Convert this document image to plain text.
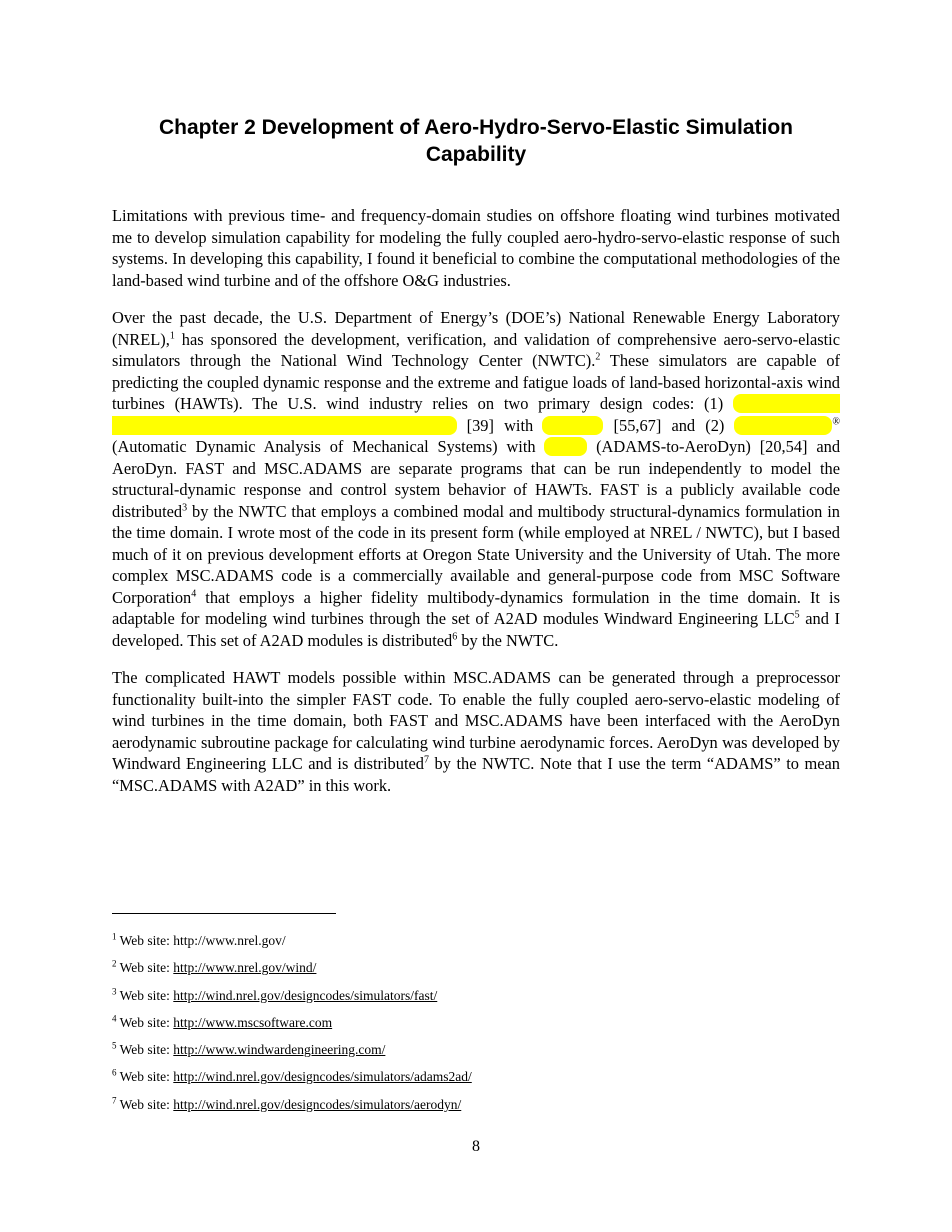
Chapter 2 Development of Aero-Hydro-Servo-Elastic Simulation Capability

Limitations with previous time- and frequency-domain studies on offshore floating wind turbines motivated me to develop simulation capability for modeling the fully coupled aero-hydro-servo-elastic response of such systems. In developing this capability, I found it beneficial to combine the computational methodologies of the land-based wind turbine and of the offshore O&G industries.

Over the past decade, the U.S. Department of Energy’s (DOE’s) National Renewable Energy Laboratory (NREL),$^1$ has sponsored the development, verification, and validation of comprehensive aero-servo-elastic simulators through the National Wind Technology Center (NWTC).$^2$ These simulators are capable of predicting the coupled dynamic response and the extreme and fatigue loads of land-based horizontal-axis wind turbines (HAWTs). The U.S. wind industry relies on two primary design codes: (1) [39] with	[55,67] and (2)	® (Automatic Dynamic Analysis of Mechanical Systems) with	(ADAMS-to-AeroDyn) [20,54] and AeroDyn. FAST and MSC.ADAMS are separate programs that can be run independently to model the structural-dynamic response and control system behavior of HAWTs. FAST is a publicly available code distributed$^3$ by the NWTC that employs a combined modal and multibody structural-dynamics formulation in the time domain. I wrote most of the code in its present form (while employed at NREL / NWTC), but I based much of it on previous development efforts at Oregon State University and the University of Utah. The more complex MSC.ADAMS code is a commercially available and general-purpose code from MSC Software Corporation$^4$ that employs a higher fidelity multibody-dynamics formulation in the time domain. It is adaptable for modeling wind turbines through the set of A2AD modules Windward Engineering LLC$^5$ and I developed. This set of A2AD modules is distributed$^6$ by the NWTC.

The complicated HAWT models possible within MSC.ADAMS can be generated through a preprocessor functionality built-into the simpler FAST code. To enable the fully coupled aero-servo-elastic modeling of wind turbines in the time domain, both FAST and MSC.ADAMS have been interfaced with the AeroDyn aerodynamic subroutine package for calculating wind turbine aerodynamic forces. AeroDyn was developed by Windward Engineering LLC and is distributed$^7$ by the NWTC. Note that I use the term “ADAMS” to mean “MSC.ADAMS with A2AD” in this work.

$^1$ Web site: http://www.nrel.gov/
$^2$ Web site: http://www.nrel.gov/wind/
$^3$ Web site: http://wind.nrel.gov/designcodes/simulators/fast/
$^4$ Web site: http://www.mscsoftware.com
$^5$ Web site: http://www.windwardengineering.com/
$^6$ Web site: http://wind.nrel.gov/designcodes/simulators/adams2ad/
$^7$ Web site: http://wind.nrel.gov/designcodes/simulators/aerodyn/
8
